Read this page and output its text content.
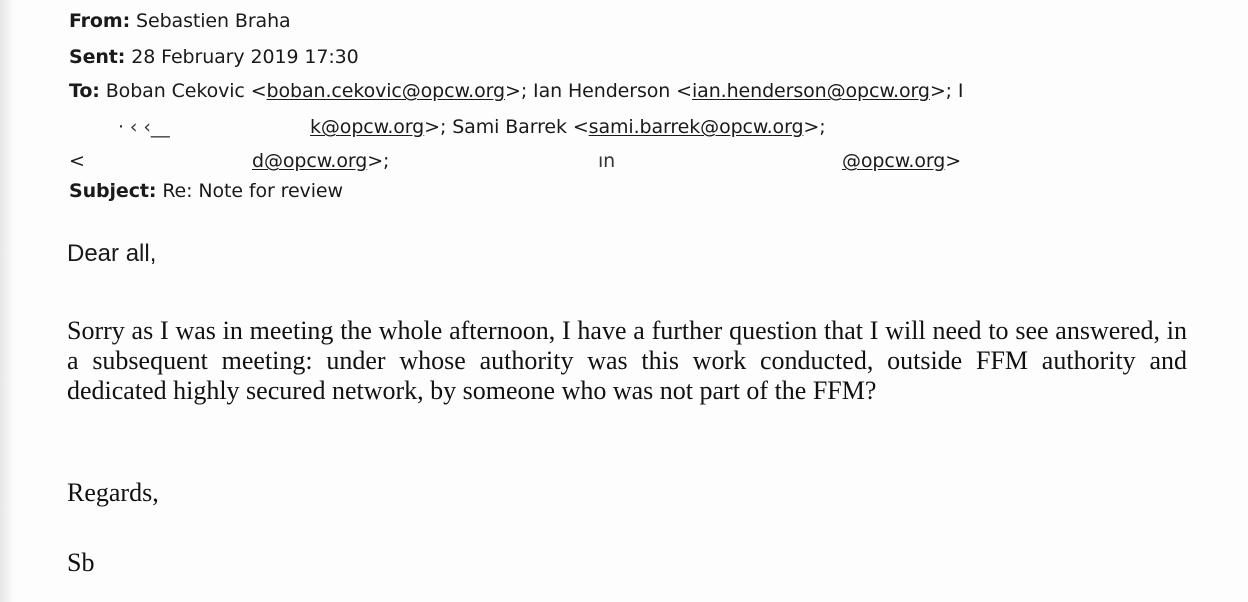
From: Sebastien Braha
Sent: 28 February 2019 17:30
To: Boban Cekovic <boban.cekovic@opcw.org>; Ian Henderson <ian.henderson@opcw.org>; I
· ‹ ‹__	k@opcw.org>; Sami Barrek <sami.barrek@opcw.org>;
<	d@opcw.org>;	ın	@opcw.org>
Subject: Re: Note for review
Dear all,
Sorry as I was in meeting the whole afternoon, I have a further question that I will need to see answered, in a subsequent meeting: under whose authority was this work conducted, outside FFM authority and dedicated highly secured network, by someone who was not part of the FFM?
Regards,
Sb
